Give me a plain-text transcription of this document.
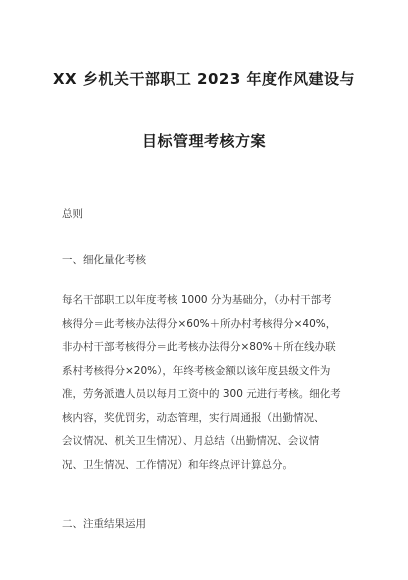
XX 乡机关干部职工 2023 年度作风建设与
目标管理考核方案
总则
一、细化量化考核
每名干部职工以年度考核 1000 分为基础分，（办村干部考
核得分＝此考核办法得分×60%＋所办村考核得分×40%，
非办村干部考核得分＝此考核办法得分×80%＋所在线办联
系村考核得分×20%），年终考核金额以该年度县级文件为
准，劳务派遣人员以每月工资中的 300 元进行考核。细化考
核内容，奖优罚劣，动态管理，实行周通报（出勤情况、
会议情况、机关卫生情况）、月总结（出勤情况、会议情
况、卫生情况、工作情况）和年终点评计算总分。
二、注重结果运用
